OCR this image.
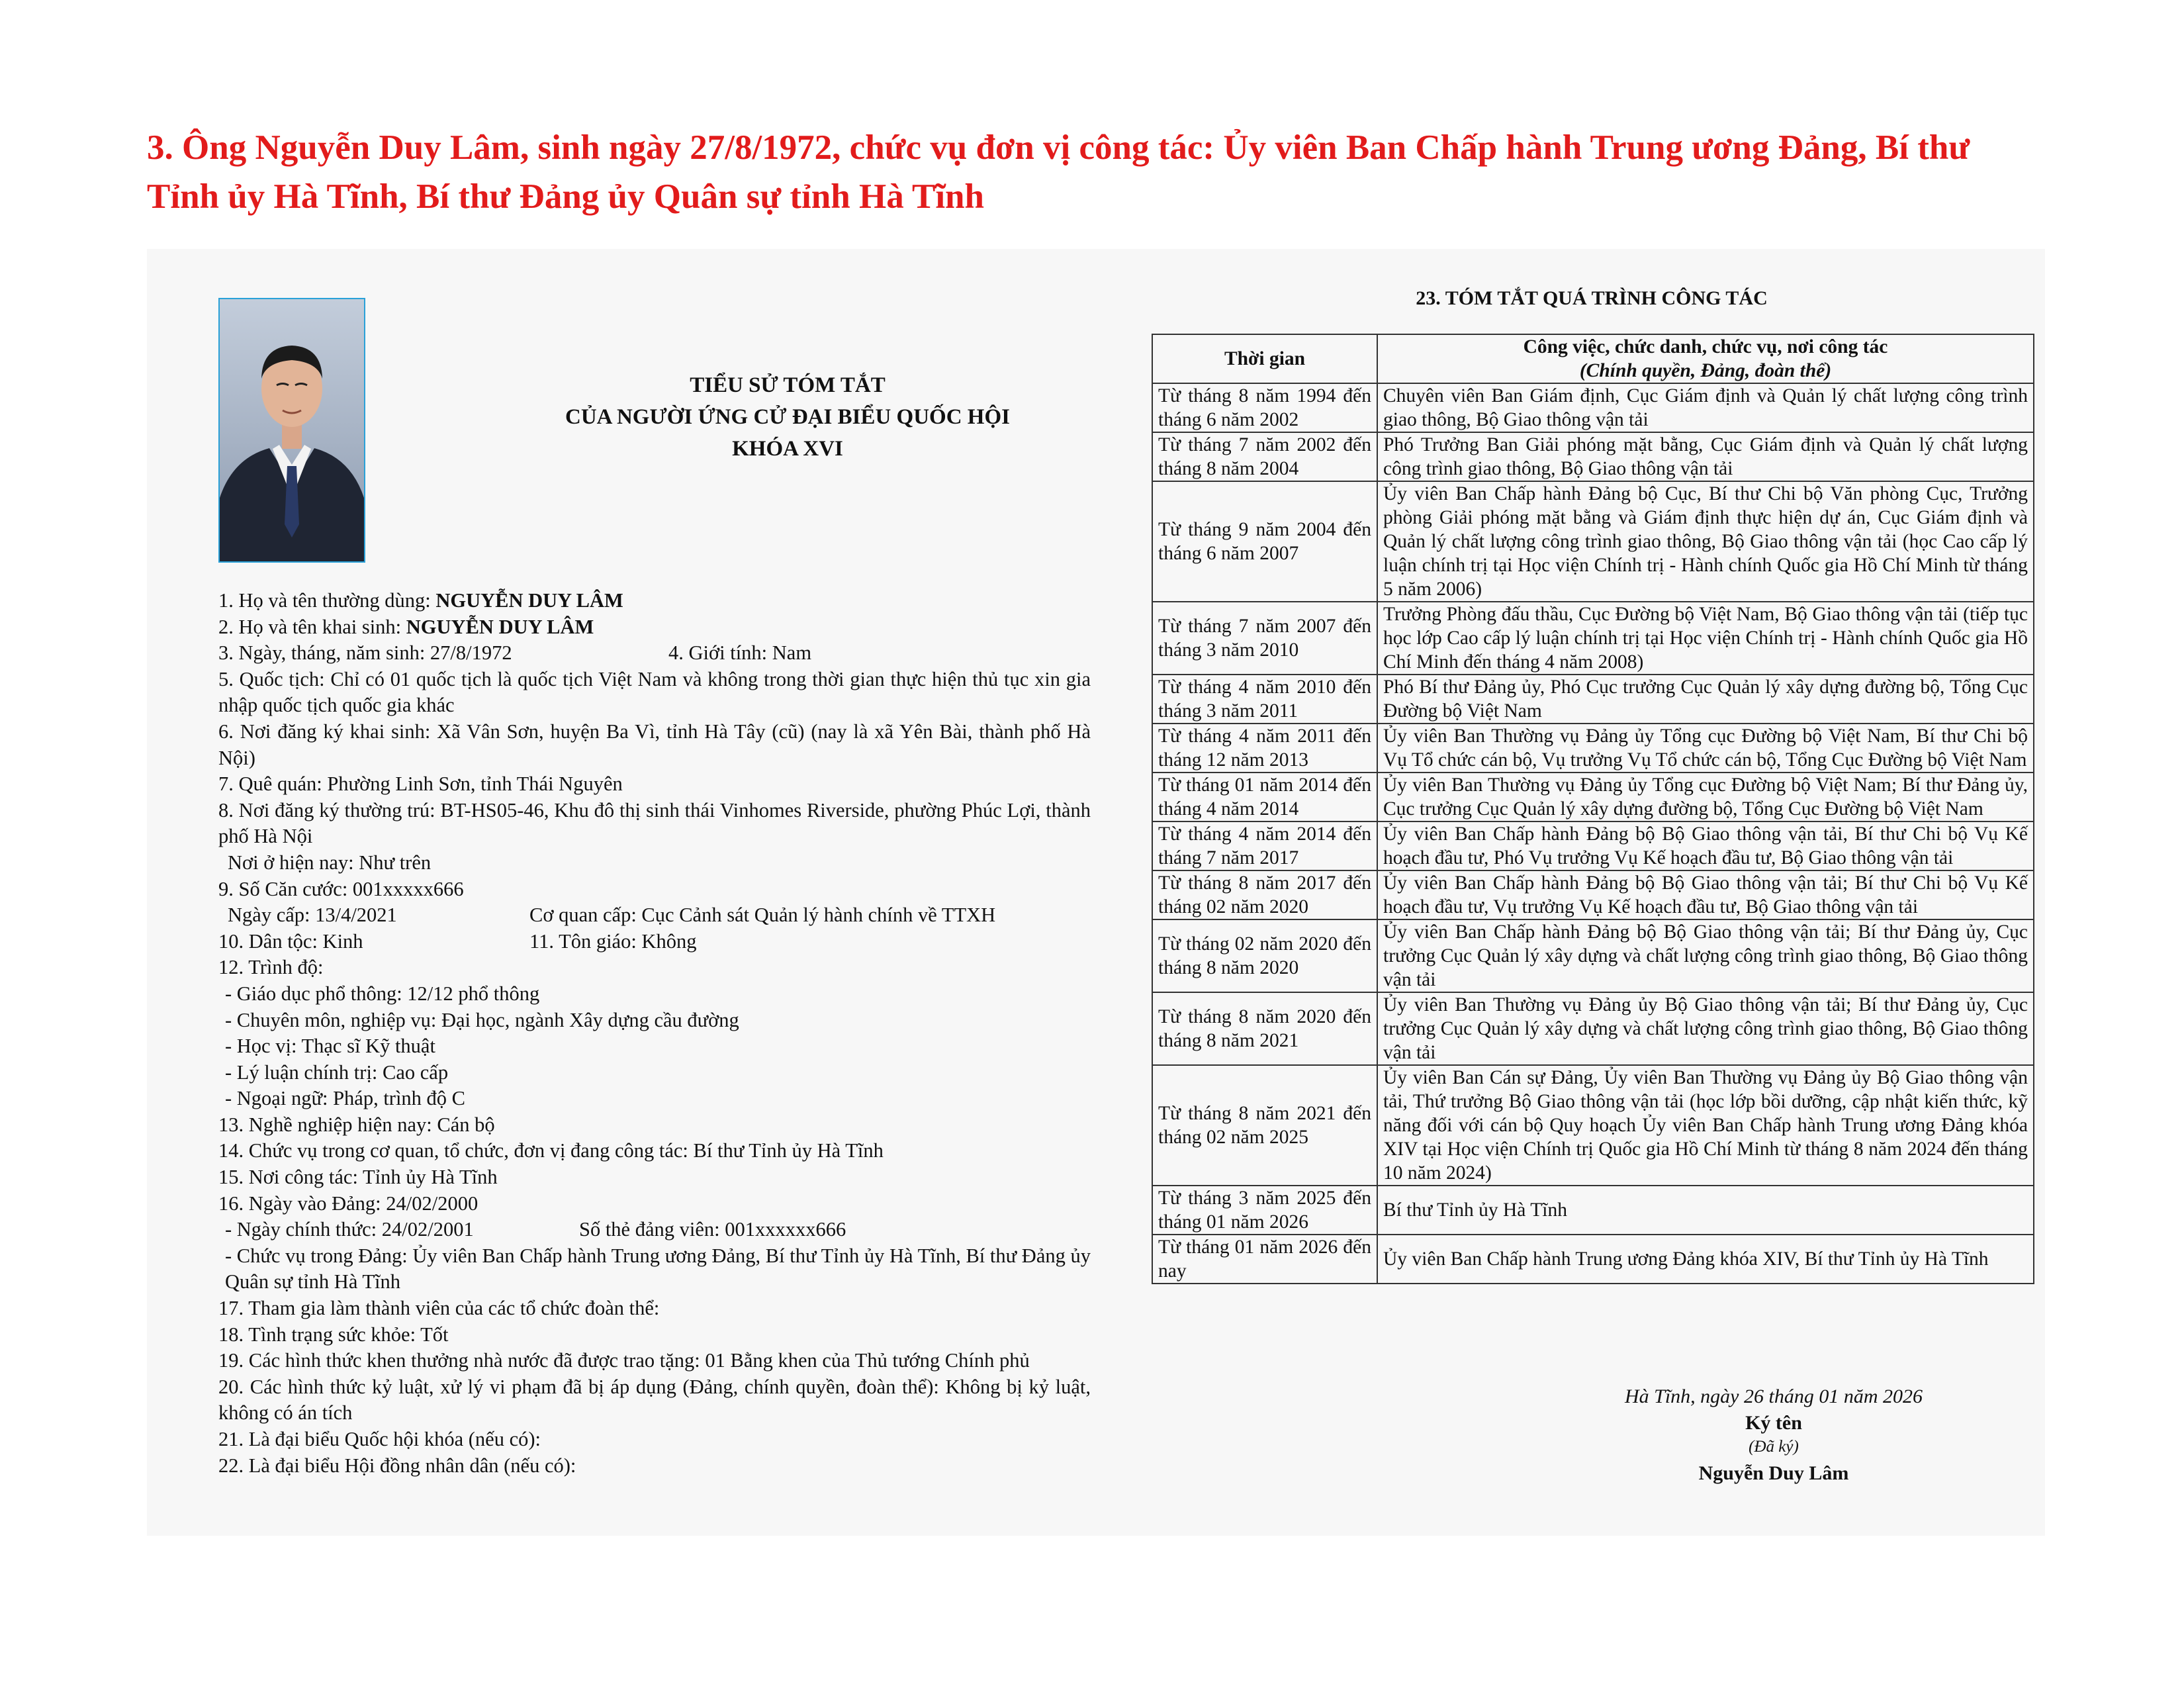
3. Ông Nguyễn Duy Lâm, sinh ngày 27/8/1972, chức vụ đơn vị công tác: Ủy viên Ban Chấp hành Trung ương Đảng, Bí thư
Tỉnh ủy Hà Tĩnh, Bí thư Đảng ủy Quân sự tỉnh Hà Tĩnh
TIỂU SỬ TÓM TẮT
CỦA NGƯỜI ỨNG CỬ ĐẠI BIỂU QUỐC HỘI
KHÓA XVI
1. Họ và tên thường dùng: NGUYỄN DUY LÂM
2. Họ và tên khai sinh: NGUYỄN DUY LÂM
3. Ngày, tháng, năm sinh: 27/8/1972	4. Giới tính: Nam
5. Quốc tịch: Chỉ có 01 quốc tịch là quốc tịch Việt Nam và không trong thời gian thực hiện thủ tục xin gia nhập quốc tịch quốc gia khác
6. Nơi đăng ký khai sinh: Xã Vân Sơn, huyện Ba Vì, tỉnh Hà Tây (cũ) (nay là xã Yên Bài, thành phố Hà Nội)
7. Quê quán: Phường Linh Sơn, tỉnh Thái Nguyên
8. Nơi đăng ký thường trú: BT-HS05-46, Khu đô thị sinh thái Vinhomes Riverside, phường Phúc Lợi, thành phố Hà Nội
Nơi ở hiện nay: Như trên
9. Số Căn cước: 001xxxxx666
Ngày cấp: 13/4/2021	Cơ quan cấp: Cục Cảnh sát Quản lý hành chính về TTXH
10. Dân tộc: Kinh	11. Tôn giáo: Không
12. Trình độ:
- Giáo dục phổ thông: 12/12 phổ thông
- Chuyên môn, nghiệp vụ: Đại học, ngành Xây dựng cầu đường
- Học vị: Thạc sĩ Kỹ thuật
- Lý luận chính trị: Cao cấp
- Ngoại ngữ: Pháp, trình độ C
13. Nghề nghiệp hiện nay: Cán bộ
14. Chức vụ trong cơ quan, tổ chức, đơn vị đang công tác: Bí thư Tỉnh ủy Hà Tĩnh
15. Nơi công tác: Tỉnh ủy Hà Tĩnh
16. Ngày vào Đảng: 24/02/2000
- Ngày chính thức: 24/02/2001	Số thẻ đảng viên: 001xxxxxx666
- Chức vụ trong Đảng: Ủy viên Ban Chấp hành Trung ương Đảng, Bí thư Tỉnh ủy Hà Tĩnh, Bí thư Đảng ủy Quân sự tỉnh Hà Tĩnh
17. Tham gia làm thành viên của các tổ chức đoàn thể:
18. Tình trạng sức khỏe: Tốt
19. Các hình thức khen thưởng nhà nước đã được trao tặng: 01 Bằng khen của Thủ tướng Chính phủ
20. Các hình thức kỷ luật, xử lý vi phạm đã bị áp dụng (Đảng, chính quyền, đoàn thể): Không bị kỷ luật, không có án tích
21. Là đại biểu Quốc hội khóa (nếu có):
22. Là đại biểu Hội đồng nhân dân (nếu có):
23. TÓM TẮT QUÁ TRÌNH CÔNG TÁC
Thời gian	Công việc, chức danh, chức vụ, nơi công tác
(Chính quyền, Đảng, đoàn thể)

Từ tháng 8 năm 1994 đến tháng 6 năm 2002	Chuyên viên Ban Giám định, Cục Giám định và Quản lý chất lượng công trình giao thông, Bộ Giao thông vận tải
Từ tháng 7 năm 2002 đến tháng 8 năm 2004	Phó Trưởng Ban Giải phóng mặt bằng, Cục Giám định và Quản lý chất lượng công trình giao thông, Bộ Giao thông vận tải
Từ tháng 9 năm 2004 đến tháng 6 năm 2007	Ủy viên Ban Chấp hành Đảng bộ Cục, Bí thư Chi bộ Văn phòng Cục, Trưởng phòng Giải phóng mặt bằng và Giám định thực hiện dự án, Cục Giám định và Quản lý chất lượng công trình giao thông, Bộ Giao thông vận tải (học Cao cấp lý luận chính trị tại Học viện Chính trị - Hành chính Quốc gia Hồ Chí Minh từ tháng 5 năm 2006)
Từ tháng 7 năm 2007 đến tháng 3 năm 2010	Trưởng Phòng đấu thầu, Cục Đường bộ Việt Nam, Bộ Giao thông vận tải (tiếp tục học lớp Cao cấp lý luận chính trị tại Học viện Chính trị - Hành chính Quốc gia Hồ Chí Minh đến tháng 4 năm 2008)
Từ tháng 4 năm 2010 đến tháng 3 năm 2011	Phó Bí thư Đảng ủy, Phó Cục trưởng Cục Quản lý xây dựng đường bộ, Tổng Cục Đường bộ Việt Nam
Từ tháng 4 năm 2011 đến tháng 12 năm 2013	Ủy viên Ban Thường vụ Đảng ủy Tổng cục Đường bộ Việt Nam, Bí thư Chi bộ Vụ Tổ chức cán bộ, Vụ trưởng Vụ Tổ chức cán bộ, Tổng Cục Đường bộ Việt Nam
Từ tháng 01 năm 2014 đến tháng 4 năm 2014	Ủy viên Ban Thường vụ Đảng ủy Tổng cục Đường bộ Việt Nam; Bí thư Đảng ủy, Cục trưởng Cục Quản lý xây dựng đường bộ, Tổng Cục Đường bộ Việt Nam
Từ tháng 4 năm 2014 đến tháng 7 năm 2017	Ủy viên Ban Chấp hành Đảng bộ Bộ Giao thông vận tải, Bí thư Chi bộ Vụ Kế hoạch đầu tư, Phó Vụ trưởng Vụ Kế hoạch đầu tư, Bộ Giao thông vận tải
Từ tháng 8 năm 2017 đến tháng 02 năm 2020	Ủy viên Ban Chấp hành Đảng bộ Bộ Giao thông vận tải; Bí thư Chi bộ Vụ Kế hoạch đầu tư, Vụ trưởng Vụ Kế hoạch đầu tư, Bộ Giao thông vận tải
Từ tháng 02 năm 2020 đến tháng 8 năm 2020	Ủy viên Ban Chấp hành Đảng bộ Bộ Giao thông vận tải; Bí thư Đảng ủy, Cục trưởng Cục Quản lý xây dựng và chất lượng công trình giao thông, Bộ Giao thông vận tải
Từ tháng 8 năm 2020 đến tháng 8 năm 2021	Ủy viên Ban Thường vụ Đảng ủy Bộ Giao thông vận tải; Bí thư Đảng ủy, Cục trưởng Cục Quản lý xây dựng và chất lượng công trình giao thông, Bộ Giao thông vận tải
Từ tháng 8 năm 2021 đến tháng 02 năm 2025	Ủy viên Ban Cán sự Đảng, Ủy viên Ban Thường vụ Đảng ủy Bộ Giao thông vận tải, Thứ trưởng Bộ Giao thông vận tải (học lớp bồi dưỡng, cập nhật kiến thức, kỹ năng đối với cán bộ Quy hoạch Ủy viên Ban Chấp hành Trung ương Đảng khóa XIV tại Học viện Chính trị Quốc gia Hồ Chí Minh từ tháng 8 năm 2024 đến tháng 10 năm 2024)
Từ tháng 3 năm 2025 đến tháng 01 năm 2026	Bí thư Tỉnh ủy Hà Tĩnh
Từ tháng 01 năm 2026 đến nay	Ủy viên Ban Chấp hành Trung ương Đảng khóa XIV, Bí thư Tỉnh ủy Hà Tĩnh
Hà Tĩnh, ngày 26 tháng 01 năm 2026
Ký tên
(Đã ký)
Nguyễn Duy Lâm
